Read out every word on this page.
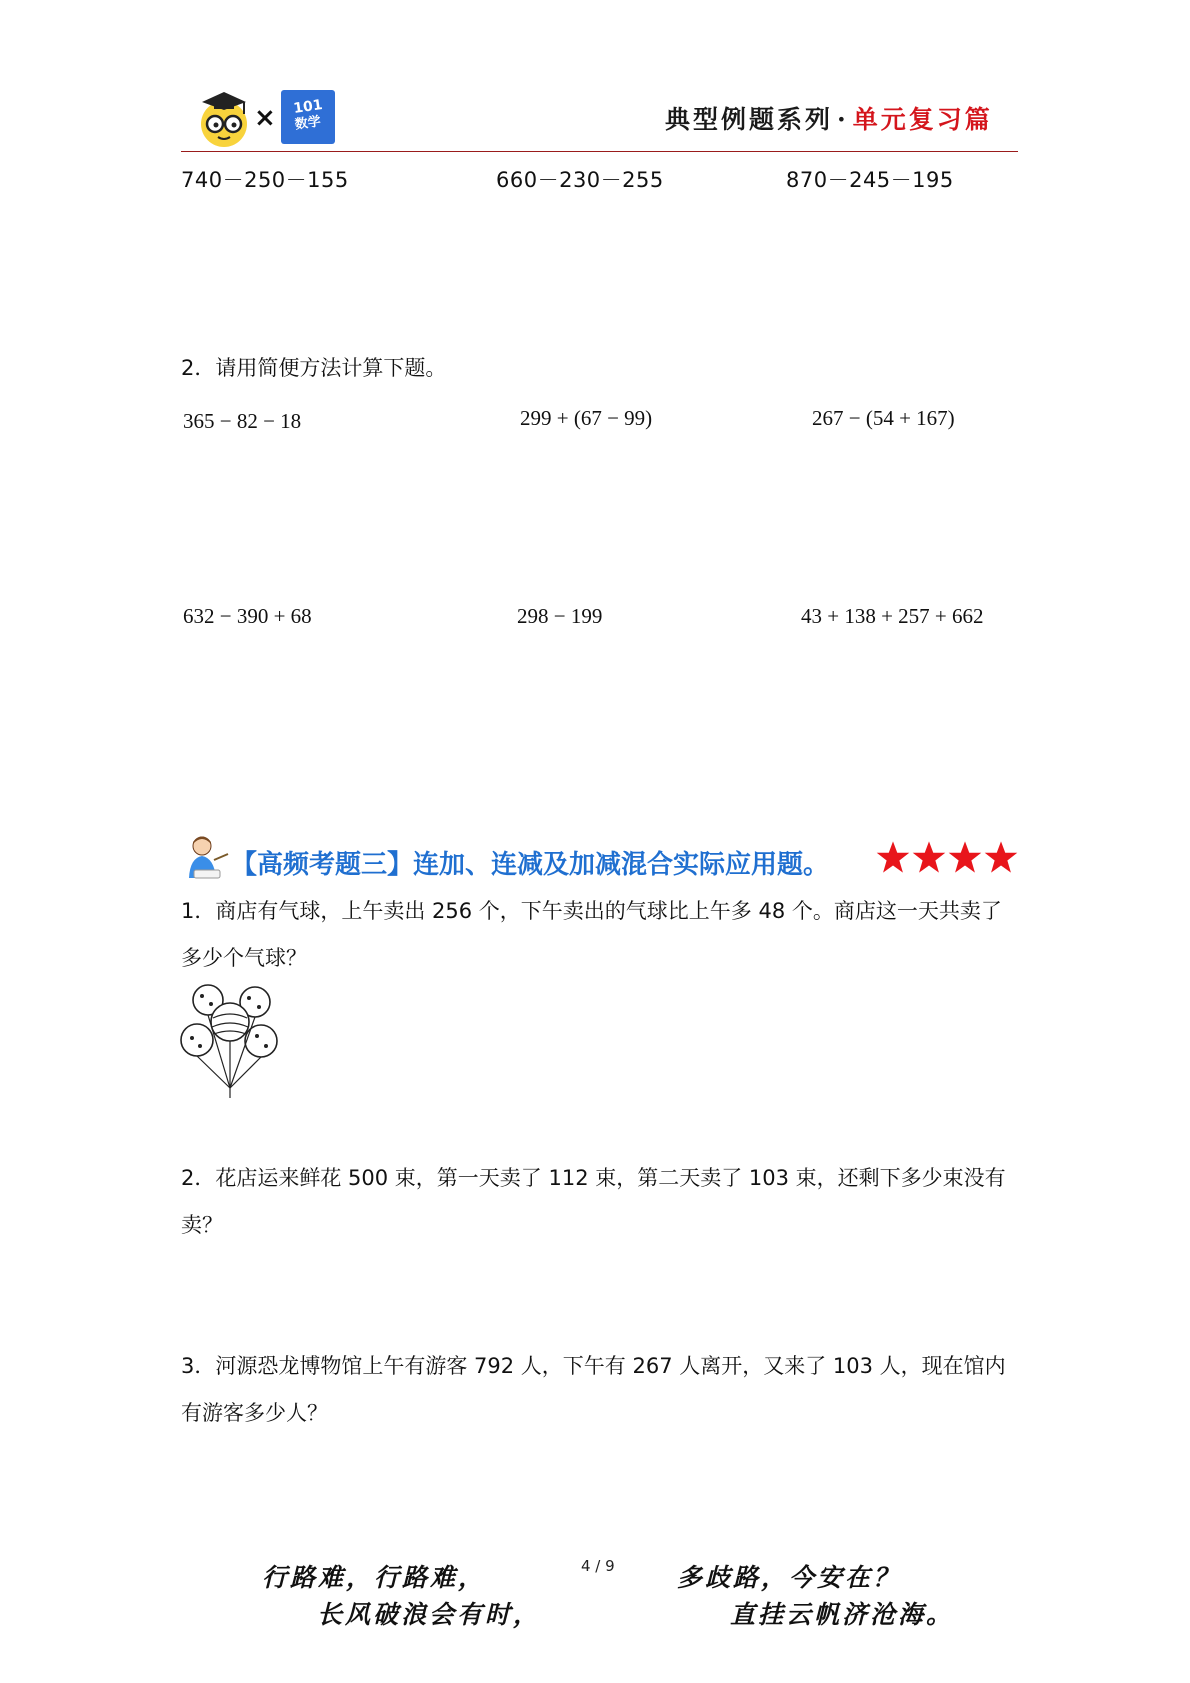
×	101
数学	典型例题系列 · 单元复习篇
740－250－155	660－230－255	870－245－195
2．请用简便方法计算下题。
365 − 82 − 18	299 + (67 − 99)	267 − (54 + 167)
632 − 390 + 68	298 − 199	43 + 138 + 257 + 662
【高频考题三】连加、连减及加减混合实际应用题。
1．商店有气球，上午卖出 256 个，下午卖出的气球比上午多 48 个。商店这一天共卖了多少个气球？
2．花店运来鲜花 500 束，第一天卖了 112 束，第二天卖了 103 束，还剩下多少束没有卖？
3．河源恐龙博物馆上午有游客 792 人，下午有 267 人离开，又来了 103 人，现在馆内有游客多少人？
4 / 9
行路难，行路难，
长风破浪会有时，
多歧路，今安在？
直挂云帆济沧海。
